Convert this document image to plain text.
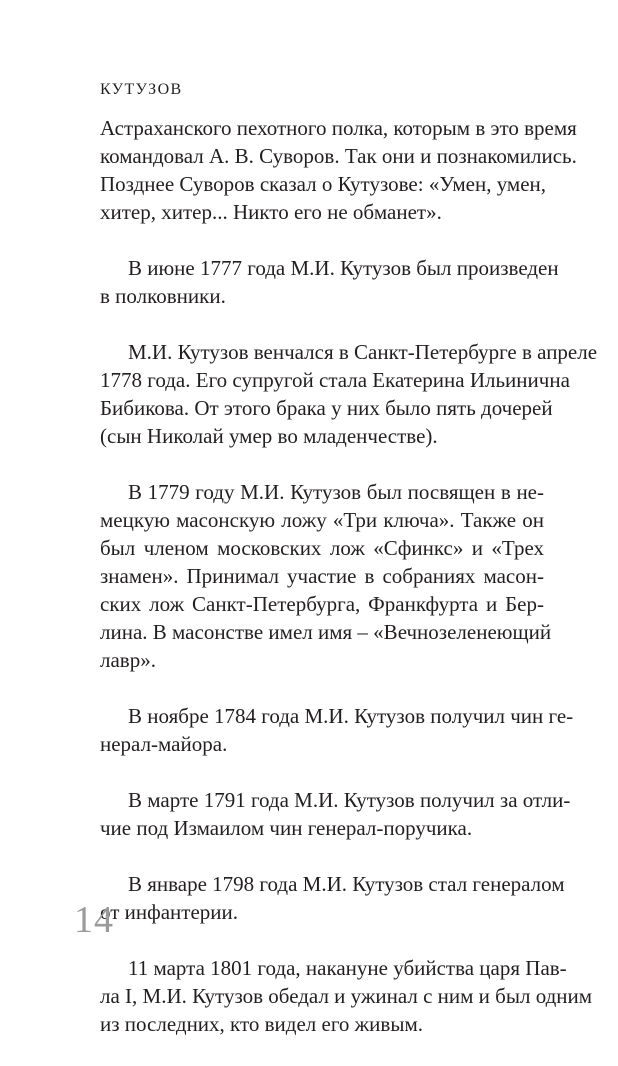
КУТУЗОВ
Астраханского пехотного полка, которым в это время
командовал А. В. Суворов. Так они и познакомились.
Позднее Суворов сказал о Кутузове: «Умен, умен,
хитер, хитер... Никто его не обманет».
В июне 1777 года М.И. Кутузов был произведен
в полковники.
М.И. Кутузов венчался в Санкт-Петербурге в апреле
1778 года. Его супругой стала Екатерина Ильинична
Бибикова. От этого брака у них было пять дочерей
(сын Николай умер во младенчестве).
В 1779 году М.И. Кутузов был посвящен в не-
мецкую масонскую ложу «Три ключа». Также он
был членом московских лож «Сфинкс» и «Трех
знамен». Принимал участие в собраниях масон-
ских лож Санкт-Петербурга, Франкфурта и Бер-
лина. В масонстве имел имя – «Вечнозеленеющий
лавр».
В ноябре 1784 года М.И. Кутузов получил чин ге-
нерал-майора.
В марте 1791 года М.И. Кутузов получил за отли-
чие под Измаилом чин генерал-поручика.
В январе 1798 года М.И. Кутузов стал генералом
от инфантерии.
11 марта 1801 года, накануне убийства царя Пав-
ла I, М.И. Кутузов обедал и ужинал с ним и был одним
из последних, кто видел его живым.
14
